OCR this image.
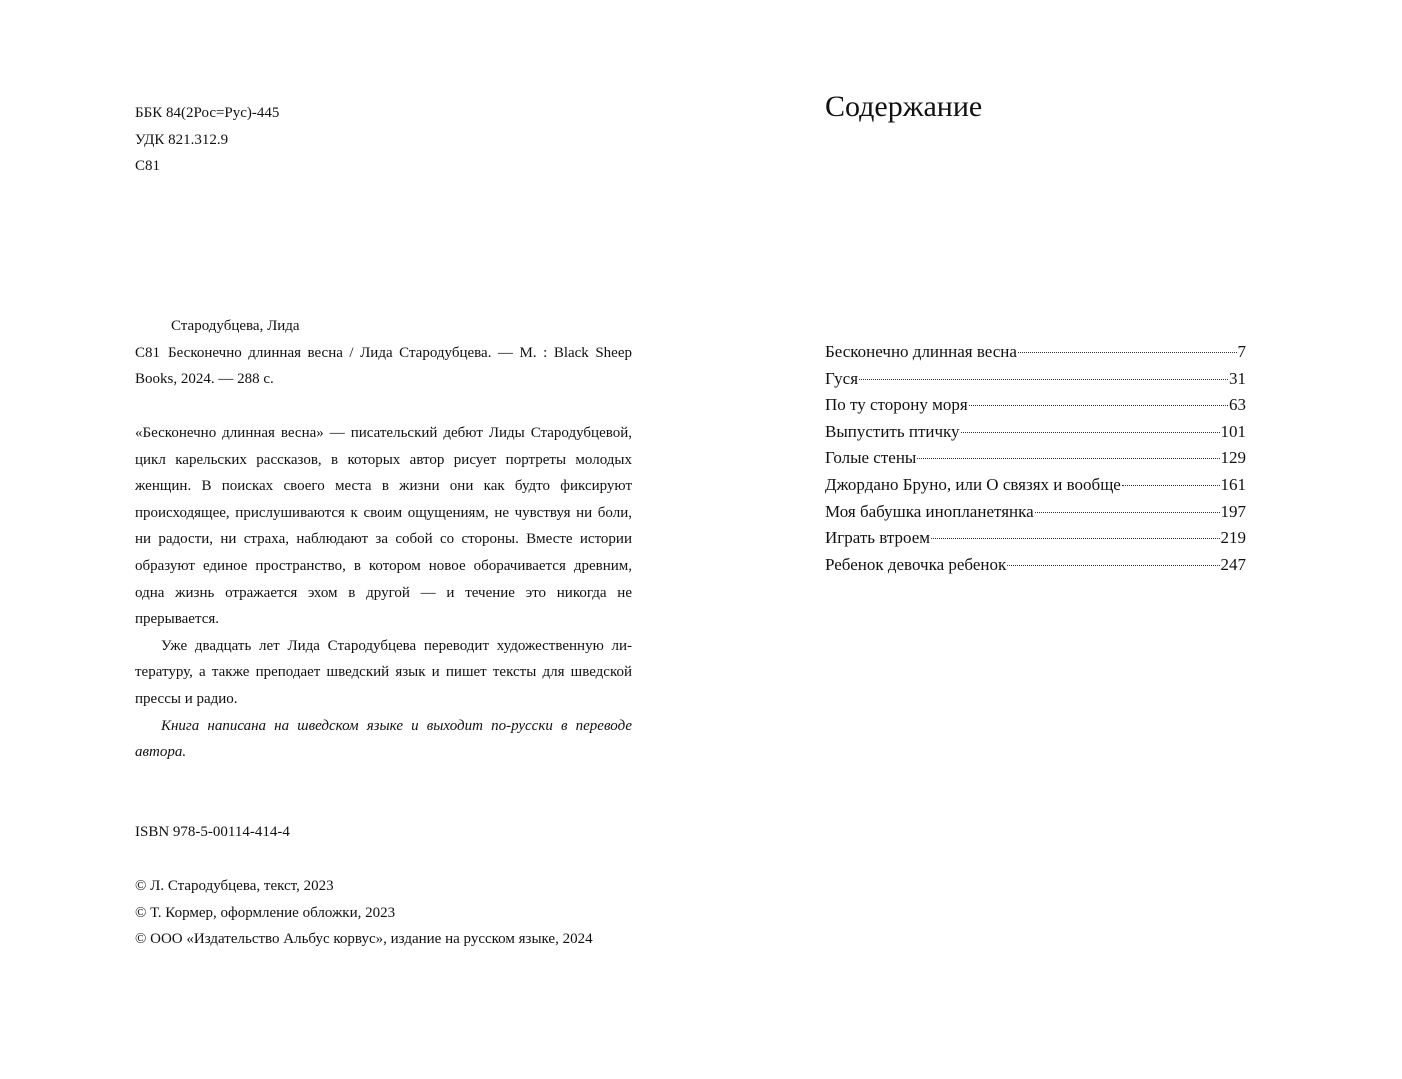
ББК 84(2Рос=Рус)-445
УДК 821.312.9
С81
Стародубцева, Лида
С81 Бесконечно длинная весна / Лида Стародубцева. — М. : Black Sheep Books, 2024. — 288 с.

«Бесконечно длинная весна» — писательский дебют Лиды Стародубцевой, цикл карельских рассказов, в которых автор рисует портреты молодых женщин. В поисках своего места в жизни они как будто фиксируют происходящее, прислушиваются к своим ощущениям, не чувствуя ни боли, ни радости, ни страха, наблюдают за собой со стороны. Вместе истории образуют единое пространство, в котором новое оборачивается древним, одна жизнь отражается эхом в другой — и течение это никогда не прерывается.

Уже двадцать лет Лида Стародубцева переводит художественную литературу, а также преподает шведский язык и пишет тексты для шведской прессы и радио.

Книга написана на шведском языке и выходит по-русски в переводе автора.

ISBN 978-5-00114-414-4
© Л. Стародубцева, текст, 2023
© Т. Кормер, оформление обложки, 2023
© ООО «Издательство Альбус корвус», издание на русском языке, 2024
Содержание
Бесконечно длинная весна	7
Гуся	31
По ту сторону моря	63
Выпустить птичку	101
Голые стены	129
Джордано Бруно, или О связях и вообще	161
Моя бабушка инопланетянка	197
Играть втроем	219
Ребенок девочка ребенок	247
